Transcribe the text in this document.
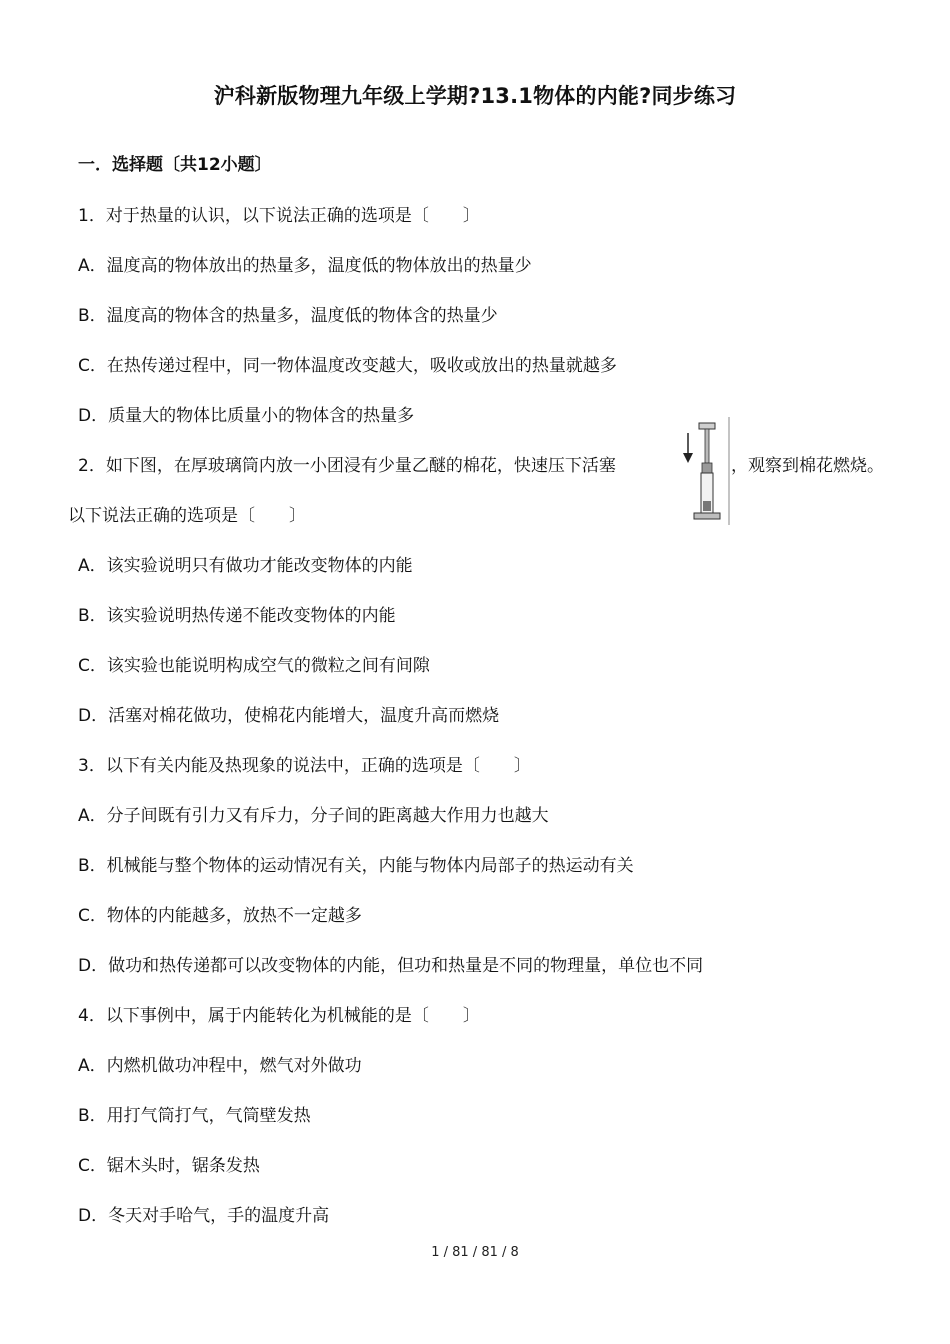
沪科新版物理九年级上学期?13.1物体的内能?同步练习
一．选择题〔共12小题〕
1．对于热量的认识，以下说法正确的选项是〔　　〕
A．温度高的物体放出的热量多，温度低的物体放出的热量少
B．温度高的物体含的热量多，温度低的物体含的热量少
C．在热传递过程中，同一物体温度改变越大，吸收或放出的热量就越多
D．质量大的物体比质量小的物体含的热量多
2．如下图，在厚玻璃筒内放一小团浸有少量乙醚的棉花，快速压下活塞	，观察到棉花燃烧。
以下说法正确的选项是〔　　〕
A．该实验说明只有做功才能改变物体的内能
B．该实验说明热传递不能改变物体的内能
C．该实验也能说明构成空气的微粒之间有间隙
D．活塞对棉花做功，使棉花内能增大，温度升高而燃烧
3．以下有关内能及热现象的说法中，正确的选项是〔　　〕
A．分子间既有引力又有斥力，分子间的距离越大作用力也越大
B．机械能与整个物体的运动情况有关，内能与物体内局部子的热运动有关
C．物体的内能越多，放热不一定越多
D．做功和热传递都可以改变物体的内能，但功和热量是不同的物理量，单位也不同
4．以下事例中，属于内能转化为机械能的是〔　　〕
A．内燃机做功冲程中，燃气对外做功
B．用打气筒打气，气筒壁发热
C．锯木头时，锯条发热
D．冬天对手哈气，手的温度升高
1 / 81 / 81 / 8
